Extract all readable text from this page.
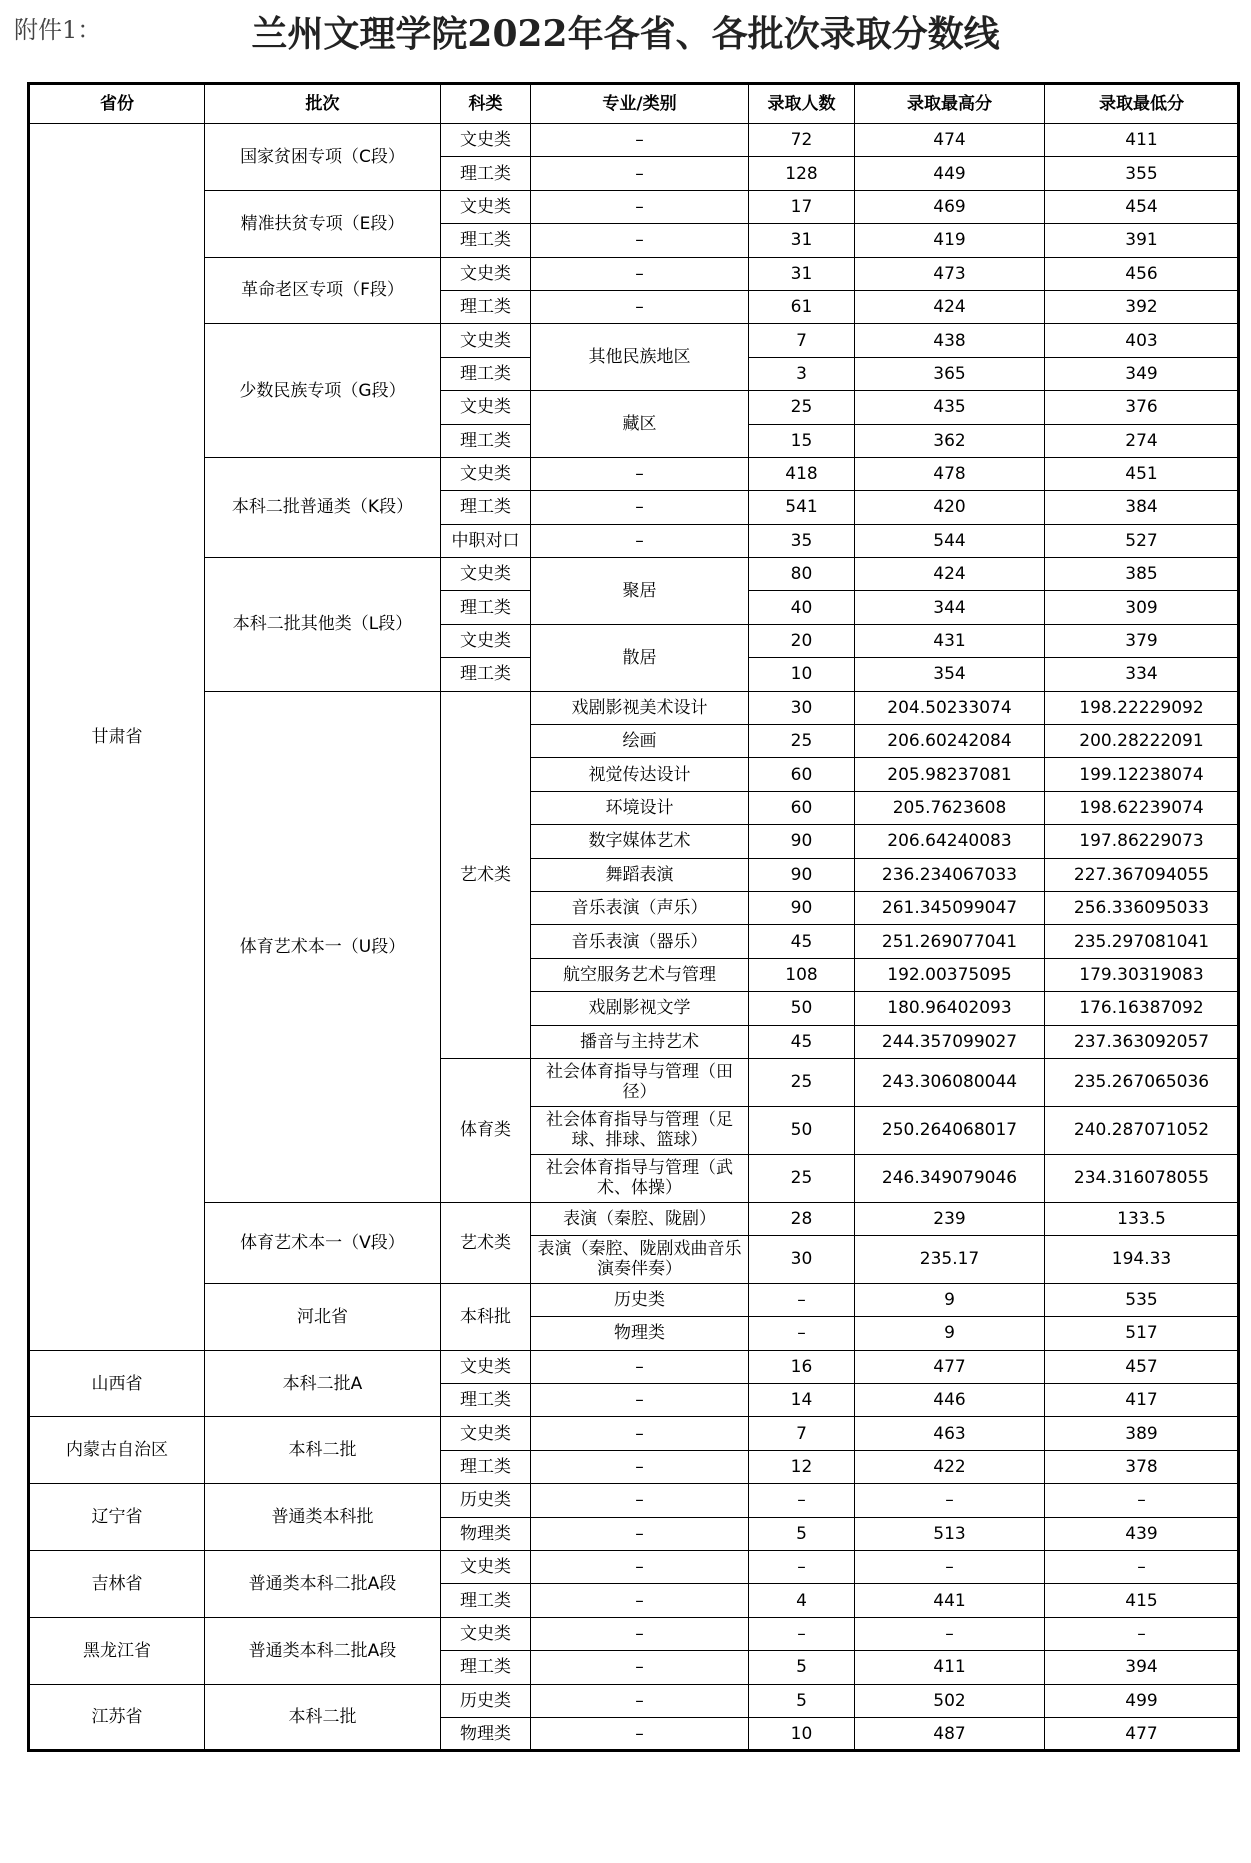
附件1：	兰州文理学院2022年各省、各批次录取分数线
省份	批次	科类	专业/类别	录取人数	录取最高分	录取最低分	
甘肃省	国家贫困专项（C段）	文史类	–	72	474	411	
		理工类	–	128	449	355	
	精准扶贫专项（E段）	文史类	–	17	469	454	
		理工类	–	31	419	391	
	革命老区专项（F段）	文史类	–	31	473	456	
		理工类	–	61	424	392	
	少数民族专项（G段）	文史类	其他民族地区	7	438	403	
		理工类		3	365	349	
		文史类	藏区	25	435	376	
		理工类		15	362	274	
	本科二批普通类（K段）	文史类	–	418	478	451	
		理工类	–	541	420	384	
		中职对口	–	35	544	527	
	本科二批其他类（L段）	文史类	聚居	80	424	385	
		理工类		40	344	309	
		文史类	散居	20	431	379	
		理工类		10	354	334	
	体育艺术本一（U段）	艺术类	戏剧影视美术设计	30	204.50233074	198.22229092	
			绘画	25	206.60242084	200.28222091	
			视觉传达设计	60	205.98237081	199.12238074	
			环境设计	60	205.7623608	198.62239074	
			数字媒体艺术	90	206.64240083	197.86229073	
			舞蹈表演	90	236.234067033	227.367094055	
			音乐表演（声乐）	90	261.345099047	256.336095033	
			音乐表演（器乐）	45	251.269077041	235.297081041	
			航空服务艺术与管理	108	192.00375095	179.30319083	
			戏剧影视文学	50	180.96402093	176.16387092	
			播音与主持艺术	45	244.357099027	237.363092057	
		体育类	社会体育指导与管理（田径）	25	243.306080044	235.267065036	
			社会体育指导与管理（足球、排球、篮球）	50	250.264068017	240.287071052	
			社会体育指导与管理（武术、体操）	25	246.349079046	234.316078055	
	体育艺术本一（V段）	艺术类	表演（秦腔、陇剧）	28	239	133.5	
			表演（秦腔、陇剧戏曲音乐演奏伴奏）	30	235.17	194.33	
	河北省	本科批	历史类	–	9	535	
			物理类	–	9	517	
山西省	本科二批A	文史类	–	16	477	457	
		理工类	–	14	446	417	
内蒙古自治区	本科二批	文史类	–	7	463	389	
		理工类	–	12	422	378	
辽宁省	普通类本科批	历史类	–	–	–	–	
		物理类	–	5	513	439	
吉林省	普通类本科二批A段	文史类	–	–	–	–	
		理工类	–	4	441	415	
黑龙江省	普通类本科二批A段	文史类	–	–	–	–	
		理工类	–	5	411	394	
江苏省	本科二批	历史类	–	5	502	499	
		物理类	–	10	487	477	
